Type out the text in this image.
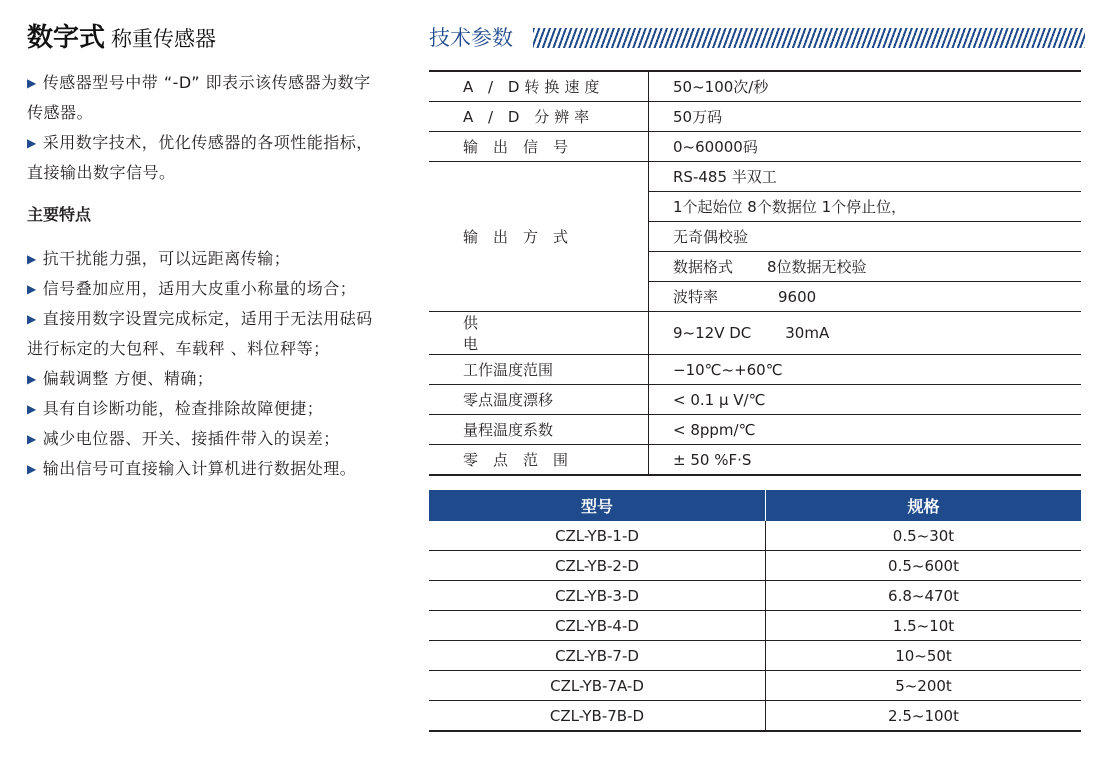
数字式 称重传感器

▶ 传感器型号中带 “-D” 即表示该传感器为数字传感器。

▶ 采用数字技术，优化传感器的各项性能指标，直接输出数字信号。

主要特点

▶ 抗干扰能力强，可以远距离传输；

▶ 信号叠加应用，适用大皮重小称量的场合；

▶ 直接用数字设置完成标定，适用于无法用砝码进行标定的大包秤、车载秤 、料位秤等；

▶ 偏载调整 方便、精确；

▶ 具有自诊断功能，检查排除故障便捷；

▶ 减少电位器、开关、接插件带入的误差；

▶ 输出信号可直接输入计算机进行数据处理。

技术参数
A / D转换速度	50~100次/秒
A / D 分辨率	50万码
输出信号	0~60000码
输出方式	RS-485 半双工
	1个起始位 8个数据位 1个停止位，
	无奇偶校验
	数据格式 8位数据无校验
	波特率 9600
供电	9~12V DC 30mA
工作温度范围	−10℃~+60℃
零点温度漂移	< 0.1 μ V/℃
量程温度系数	< 8ppm/℃
零点范围	± 50 %F·S
型号	规格
CZL-YB-1-D	0.5~30t
CZL-YB-2-D	0.5~600t
CZL-YB-3-D	6.8~470t
CZL-YB-4-D	1.5~10t
CZL-YB-7-D	10~50t
CZL-YB-7A-D	5~200t
CZL-YB-7B-D	2.5~100t
